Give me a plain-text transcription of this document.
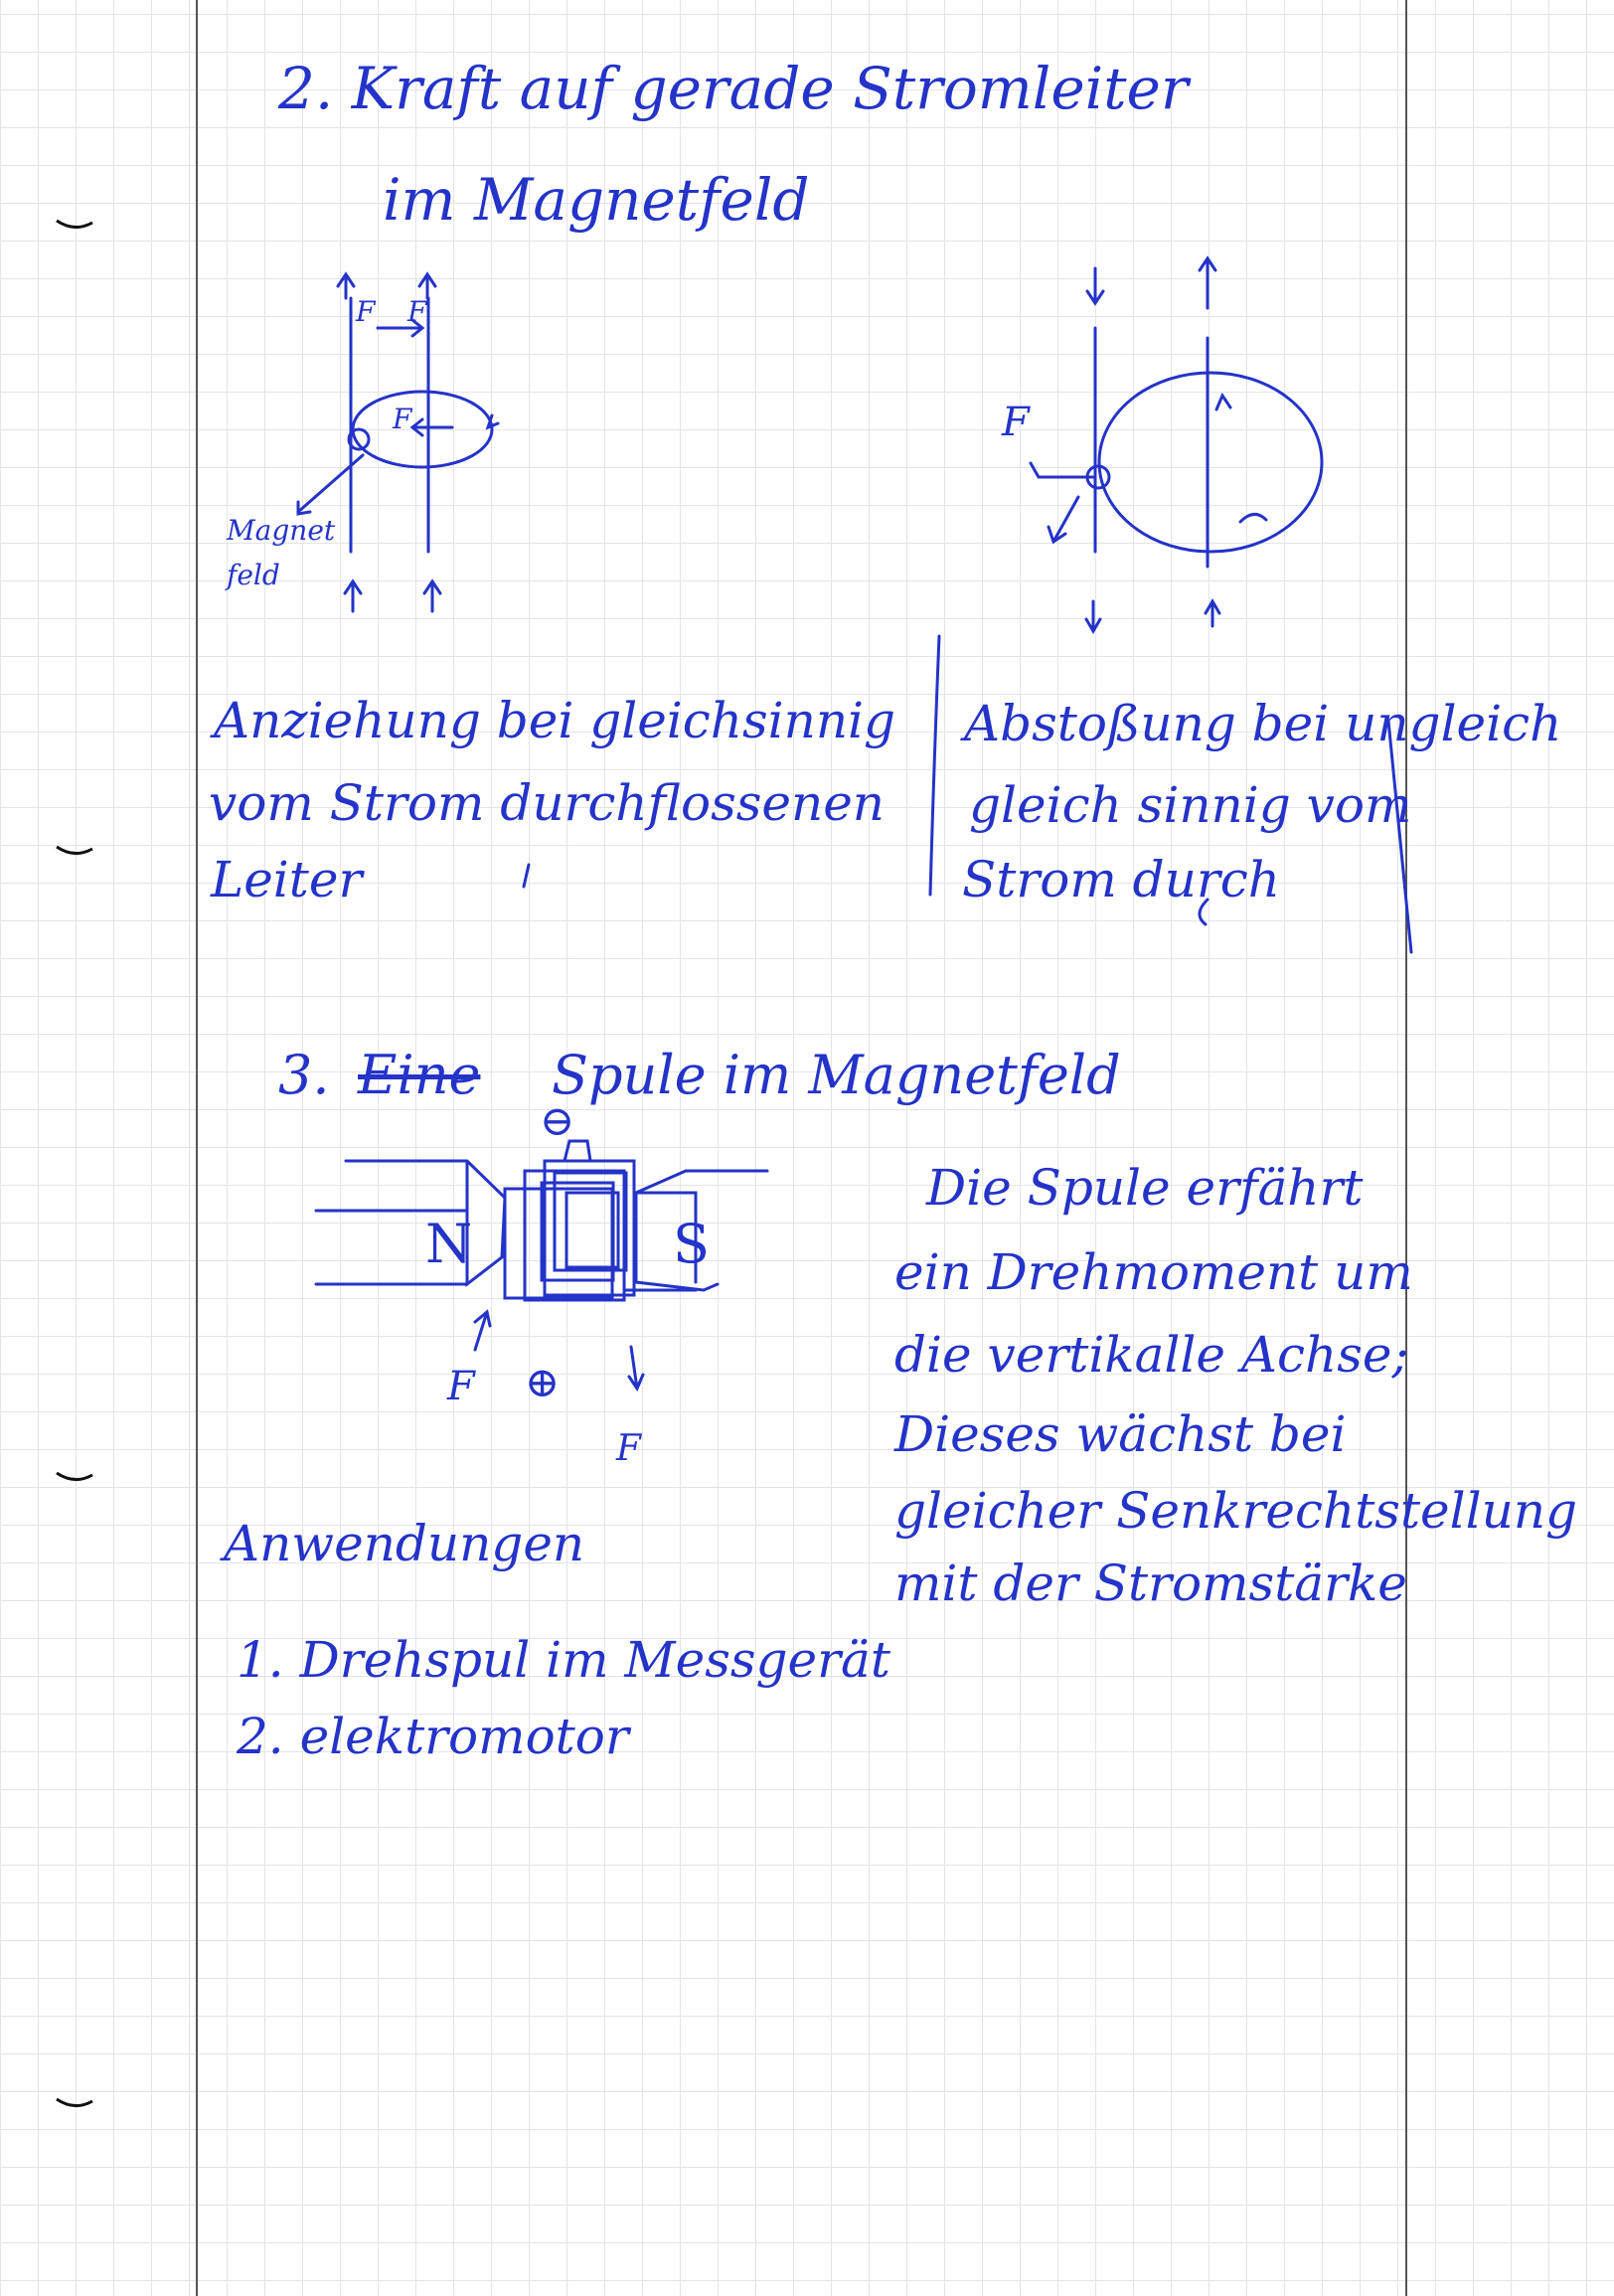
2. Kraft auf gerade Stromleiter
im Magnetfeld
F F
F
Magnet
feld
F
Anziehung bei gleichsinnig
vom Strom durchflossenen
Leiter
Abstoßung bei ungleich
gleich sinnig vom
Strom durch
3. Eine Spule im Magnetfeld
N	S
⊖
⊕
F
F
Die Spule erfährt
ein Drehmoment um
die vertikalle Achse;
Dieses wächst bei
gleicher Senkrechtstellung
mit der Stromstärke
Anwendungen
1. Drehspul im Messgerät
2. elektromotor
